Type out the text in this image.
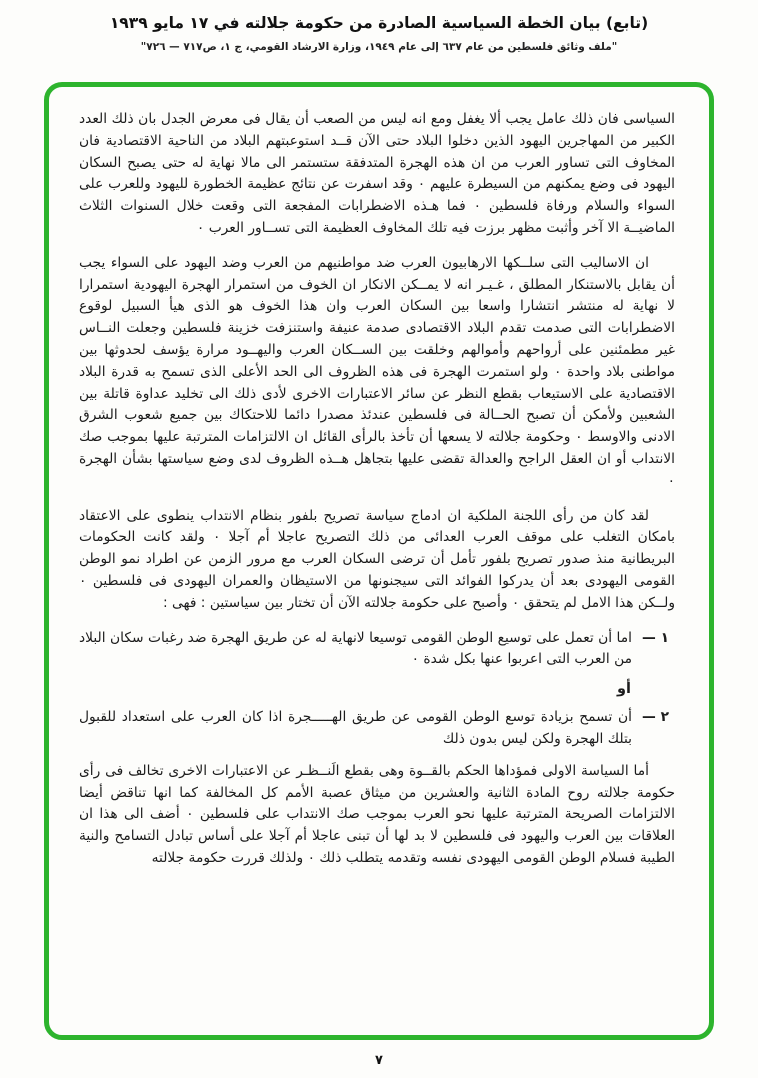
(تابع) بيان الخطة السياسية الصادرة من حكومة جلالته في ١٧ مايو ١٩٣٩
"ملف وثائق فلسطين من عام ٦٣٧ إلى عام ١٩٤٩، وزارة الارشاد القومي، ج ١، ص٧١٧ — ٧٢٦"

السياسى فان ذلك عامل يجب ألا يغفل ومع انه ليس من الصعب أن يقال فى معرض الجدل بان ذلك العدد الكبير من المهاجرين اليهود الذين دخلوا البلاد حتى الآن قــد استوعبتهم البلاد من الناحية الاقتصادية فان المخاوف التى تساور العرب من ان هذه الهجرة المتدفقة ستستمر الى مالا نهاية له حتى يصبح السكان اليهود فى وضع يمكنهم من السيطرة عليهم ٠ وقد اسفرت عن نتائج عظيمة الخطورة لليهود وللعرب على السواء والسلام ورفاة فلسطين ٠ فما هـذه الاضطرابات المفجعة التى وقعت خلال السنوات الثلاث الماضيــة الا آخر وأثبت مظهر برزت فيه تلك المخاوف العظيمة التى تســاور العرب ٠

ان الاساليب التى سلــكها الارهابيون العرب ضد مواطنيهم من العرب وضد اليهود على السواء يجب أن يقابل بالاستنكار المطلق ، غـيـر انه لا يمــكن الانكار ان الخوف من استمرار الهجرة اليهودية استمرارا لا نهاية له منتشر انتشارا واسعا بين السكان العرب وان هذا الخوف هو الذى هيأ السبيل لوقوع الاضطرابات التى صدمت تقدم البلاد الاقتصادى صدمة عنيفة واستنزفت خزينة فلسطين وجعلت النــاس غير مطمئنين على أرواحهم وأموالهم وخلقت بين الســكان العرب واليهــود مرارة يؤسف لحدوثها بين مواطنى بلاد واحدة ٠ ولو استمرت الهجرة فى هذه الظروف الى الحد الأعلى الذى تسمح به قدرة البلاد الاقتصادية على الاستيعاب بقطع النظر عن سائر الاعتبارات الاخرى لأدى ذلك الى تخليد عداوة قاتلة بين الشعبين ولأمكن أن تصبح الحــالة فى فلسطين عندئذ مصدرا دائما للاحتكاك بين جميع شعوب الشرق الادنى والاوسط ٠ وحكومة جلالته لا يسعها أن تأخذ بالرأى القائل ان الالتزامات المترتبة عليها بموجب صك الانتداب أو ان العقل الراجح والعدالة تقضى عليها بتجاهل هــذه الظروف لدى وضع سياستها بشأن الهجرة ٠

لقد كان من رأى اللجنة الملكية ان ادماج سياسة تصريح بلفور بنظام الانتداب ينطوى على الاعتقاد بامكان التغلب على موقف العرب العدائى من ذلك التصريح عاجلا أم آجلا ٠ ولقد كانت الحكومات البريطانية منذ صدور تصريح بلفور تأمل أن ترضى السكان العرب مع مرور الزمن عن اطراد نمو الوطن القومى اليهودى بعد أن يدركوا الفوائد التى سيجنونها من الاستيظان والعمران اليهودى فى فلسطين ٠ ولــكن هذا الامل لم يتحقق ٠ وأصبح على حكومة جلالته الآن أن تختار بين سياستين : فهى :

١ —
اما أن تعمل على توسيع الوطن القومى توسيعا لانهاية له عن طريق الهجرة ضد رغبات سكان البلاد من العرب التى اعربوا عنها بكل شدة ٠
أو
٢ —
أن تسمح بزيادة توسع الوطن القومى عن طريق الهـــــجرة اذا كان العرب على استعداد للقبول بتلك الهجرة ولكن ليس بدون ذلك

أما السياسة الاولى فمؤداها الحكم بالقــوة وهى بقطع الَنــظـر عن الاعتبارات الاخرى تخالف فى رأى حكومة جلالته روح المادة الثانية والعشرين من ميثاق عصبة الأمم كل المخالفة كما انها تناقض أيضا الالتزامات الصريحة المترتبة عليها نحو العرب بموجب صك الانتداب على فلسطين ٠ أضف الى هذا ان العلاقات بين العرب واليهود فى فلسطين لا بد لها أن تبنى عاجلا أم آجلا على أساس تبادل التسامح والنية الطيبة فسلام الوطن القومى اليهودى نفسه وتقدمه يتطلب ذلك ٠ ولذلك قررت حكومة جلالته

٧
